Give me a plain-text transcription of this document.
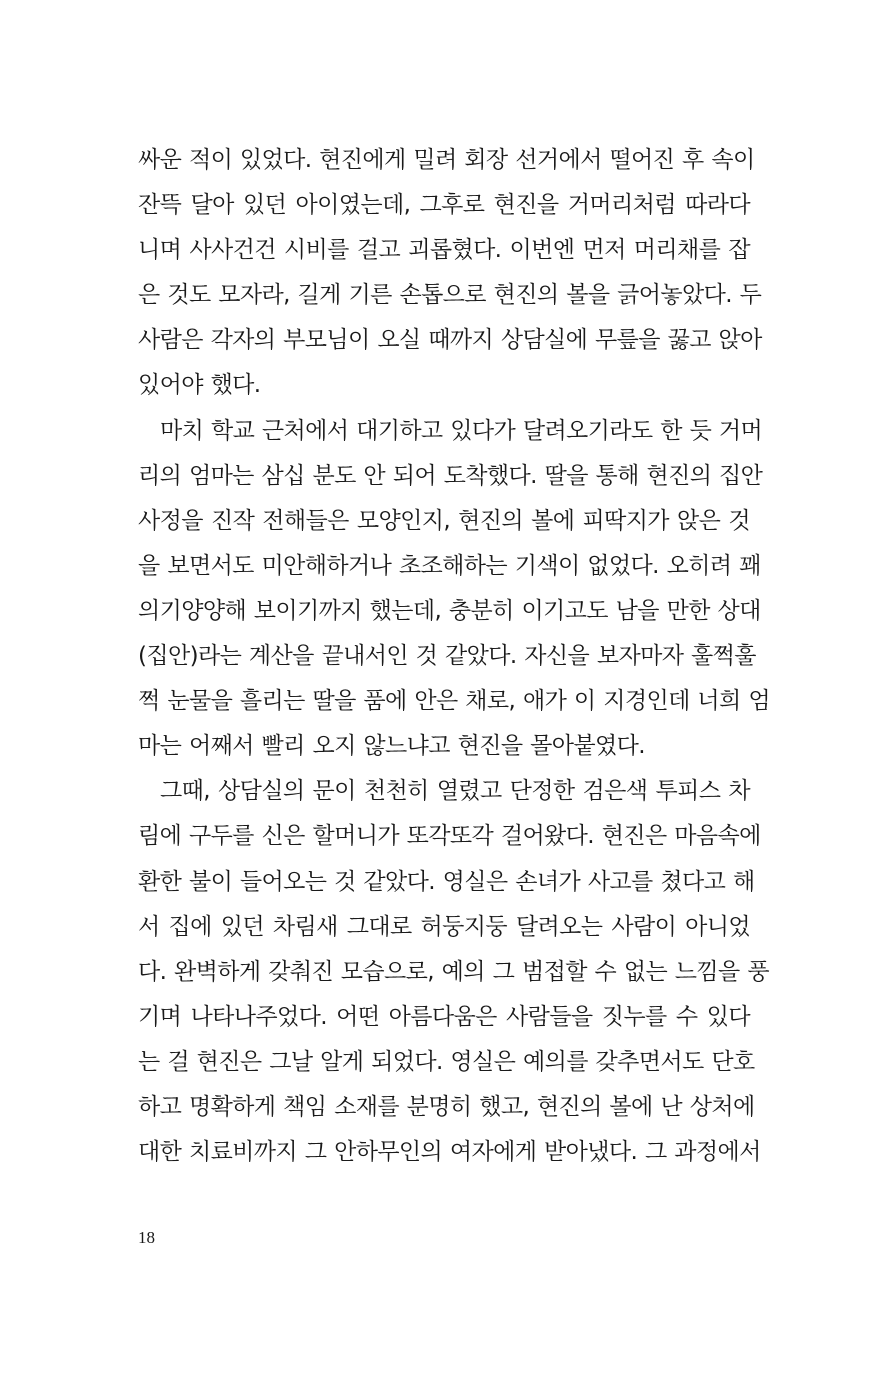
싸운 적이 있었다. 현진에게 밀려 회장 선거에서 떨어진 후 속이
잔뜩 달아 있던 아이였는데, 그후로 현진을 거머리처럼 따라다
니며 사사건건 시비를 걸고 괴롭혔다. 이번엔 먼저 머리채를 잡
은 것도 모자라, 길게 기른 손톱으로 현진의 볼을 긁어놓았다. 두
사람은 각자의 부모님이 오실 때까지 상담실에 무릎을 꿇고 앉아
있어야 했다.
마치 학교 근처에서 대기하고 있다가 달려오기라도 한 듯 거머
리의 엄마는 삼십 분도 안 되어 도착했다. 딸을 통해 현진의 집안
사정을 진작 전해들은 모양인지, 현진의 볼에 피딱지가 앉은 것
을 보면서도 미안해하거나 초조해하는 기색이 없었다. 오히려 꽤
의기양양해 보이기까지 했는데, 충분히 이기고도 남을 만한 상대
(집안)라는 계산을 끝내서인 것 같았다. 자신을 보자마자 훌쩍훌
쩍 눈물을 흘리는 딸을 품에 안은 채로, 애가 이 지경인데 너희 엄
마는 어째서 빨리 오지 않느냐고 현진을 몰아붙였다.
그때, 상담실의 문이 천천히 열렸고 단정한 검은색 투피스 차
림에 구두를 신은 할머니가 또각또각 걸어왔다. 현진은 마음속에
환한 불이 들어오는 것 같았다. 영실은 손녀가 사고를 쳤다고 해
서 집에 있던 차림새 그대로 허둥지둥 달려오는 사람이 아니었
다. 완벽하게 갖춰진 모습으로, 예의 그 범접할 수 없는 느낌을 풍
기며 나타나주었다. 어떤 아름다움은 사람들을 짓누를 수 있다
는 걸 현진은 그날 알게 되었다. 영실은 예의를 갖추면서도 단호
하고 명확하게 책임 소재를 분명히 했고, 현진의 볼에 난 상처에
대한 치료비까지 그 안하무인의 여자에게 받아냈다. 그 과정에서
18
